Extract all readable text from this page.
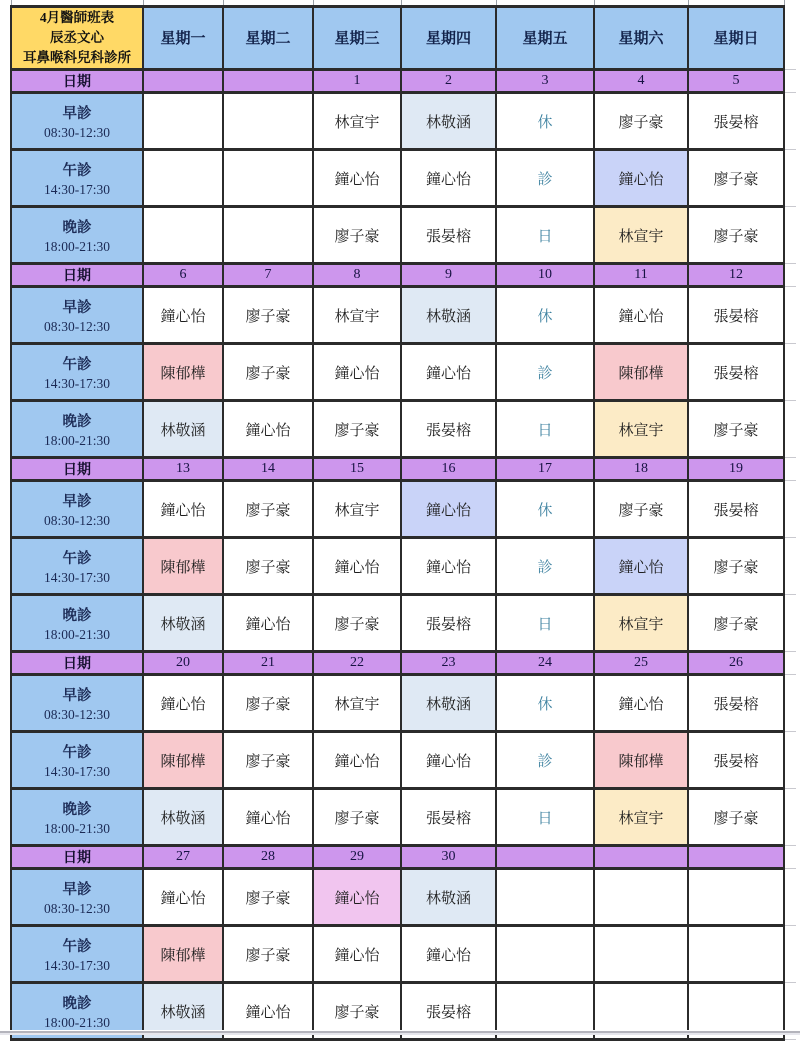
4月醫師班表
辰丞文心
耳鼻喉科兒科診所	星期一	星期二	星期三	星期四	星期五	星期六	星期日	
日期			1	2	3	4	5	

早診
08:30-12:30			林宣宇	林敬涵	休	廖子豪	張晏榕	

午診
14:30-17:30			鐘心怡	鐘心怡	診	鐘心怡	廖子豪	

晚診
18:00-21:30			廖子豪	張晏榕	日	林宣宇	廖子豪	
日期	6	7	8	9	10	11	12	

早診
08:30-12:30	鐘心怡	廖子豪	林宣宇	林敬涵	休	鐘心怡	張晏榕	

午診
14:30-17:30	陳郁樺	廖子豪	鐘心怡	鐘心怡	診	陳郁樺	張晏榕	

晚診
18:00-21:30	林敬涵	鐘心怡	廖子豪	張晏榕	日	林宣宇	廖子豪	
日期	13	14	15	16	17	18	19	

早診
08:30-12:30	鐘心怡	廖子豪	林宣宇	鐘心怡	休	廖子豪	張晏榕	

午診
14:30-17:30	陳郁樺	廖子豪	鐘心怡	鐘心怡	診	鐘心怡	廖子豪	

晚診
18:00-21:30	林敬涵	鐘心怡	廖子豪	張晏榕	日	林宣宇	廖子豪	
日期	20	21	22	23	24	25	26	

早診
08:30-12:30	鐘心怡	廖子豪	林宣宇	林敬涵	休	鐘心怡	張晏榕	

午診
14:30-17:30	陳郁樺	廖子豪	鐘心怡	鐘心怡	診	陳郁樺	張晏榕	

晚診
18:00-21:30	林敬涵	鐘心怡	廖子豪	張晏榕	日	林宣宇	廖子豪	
日期	27	28	29	30				

早診
08:30-12:30	鐘心怡	廖子豪	鐘心怡	林敬涵				

午診
14:30-17:30	陳郁樺	廖子豪	鐘心怡	鐘心怡				

晚診
18:00-21:30	林敬涵	鐘心怡	廖子豪	張晏榕				
